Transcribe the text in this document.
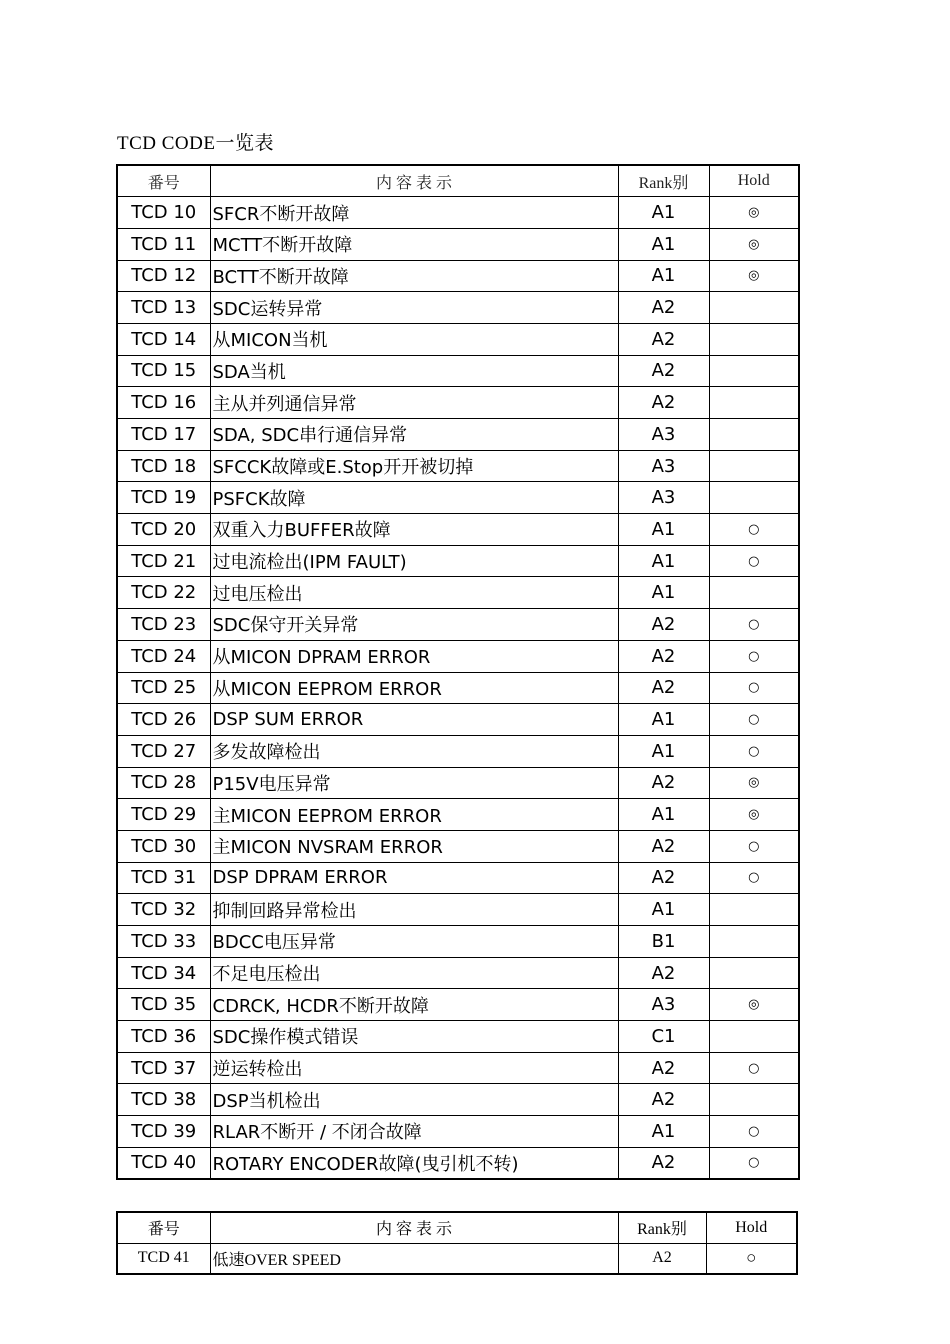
TCD CODE一览表
番号	内 容 表 示	Rank别	Hold
TCD 10	SFCR不断开故障	A1	◎
TCD 11	MCTT不断开故障	A1	◎
TCD 12	BCTT不断开故障	A1	◎
TCD 13	SDC运转异常	A2	
TCD 14	从MICON当机	A2	
TCD 15	SDA当机	A2	
TCD 16	主从并列通信异常	A2	
TCD 17	SDA, SDC串行通信异常	A3	
TCD 18	SFCCK故障或E.Stop开开被切掉	A3	
TCD 19	PSFCK故障	A3	
TCD 20	双重入力BUFFER故障	A1	○
TCD 21	过电流检出(IPM FAULT)	A1	○
TCD 22	过电压检出	A1	
TCD 23	SDC保守开关异常	A2	○
TCD 24	从MICON DPRAM ERROR	A2	○
TCD 25	从MICON EEPROM ERROR	A2	○
TCD 26	DSP SUM ERROR	A1	○
TCD 27	多发故障检出	A1	○
TCD 28	P15V电压异常	A2	◎
TCD 29	主MICON EEPROM ERROR	A1	◎
TCD 30	主MICON NVSRAM ERROR	A2	○
TCD 31	DSP DPRAM ERROR	A2	○
TCD 32	抑制回路异常检出	A1	
TCD 33	BDCC电压异常	B1	
TCD 34	不足电压检出	A2	
TCD 35	CDRCK, HCDR不断开故障	A3	◎
TCD 36	SDC操作模式错误	C1	
TCD 37	逆运转检出	A2	○
TCD 38	DSP当机检出	A2	
TCD 39	RLAR不断开 / 不闭合故障	A1	○
TCD 40	ROTARY ENCODER故障(曳引机不转)	A2	○
番号	内 容 表 示	Rank别	Hold
TCD 41	低速OVER SPEED	A2	○
